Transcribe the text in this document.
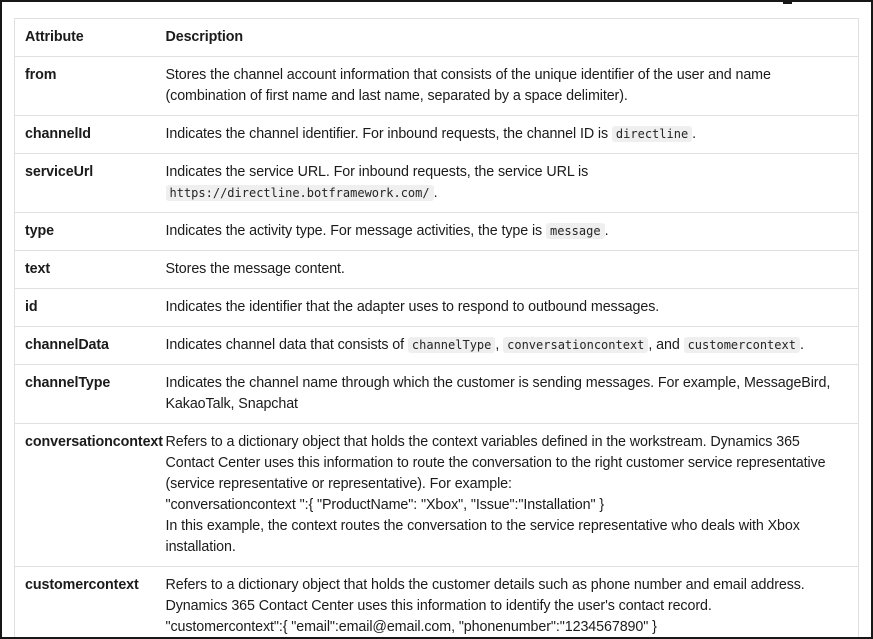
Attribute	Description
from	Stores the channel account information that consists of the unique identifier of the user and name (combination of first name and last name, separated by a space delimiter).
channelId	Indicates the channel identifier. For inbound requests, the channel ID is directline .
serviceUrl	Indicates the service URL. For inbound requests, the service URL is https://directline.botframework.com/ .
type	Indicates the activity type. For message activities, the type is message .
text	Stores the message content.
id	Indicates the identifier that the adapter uses to respond to outbound messages.
channelData	Indicates channel data that consists of channelType , conversationcontext , and customercontext .
channelType	Indicates the channel name through which the customer is sending messages. For example, MessageBird, KakaoTalk, Snapchat
conversationcontext	Refers to a dictionary object that holds the context variables defined in the workstream. Dynamics 365 Contact Center uses this information to route the conversation to the right customer service representative (service representative or representative). For example:
"conversationcontext ":{ "ProductName": "Xbox", "Issue":"Installation" }
In this example, the context routes the conversation to the service representative who deals with Xbox installation.
customercontext	Refers to a dictionary object that holds the customer details such as phone number and email address. Dynamics 365 Contact Center uses this information to identify the user's contact record.
"customercontext":{ "email":email@email.com, "phonenumber":"1234567890" }
